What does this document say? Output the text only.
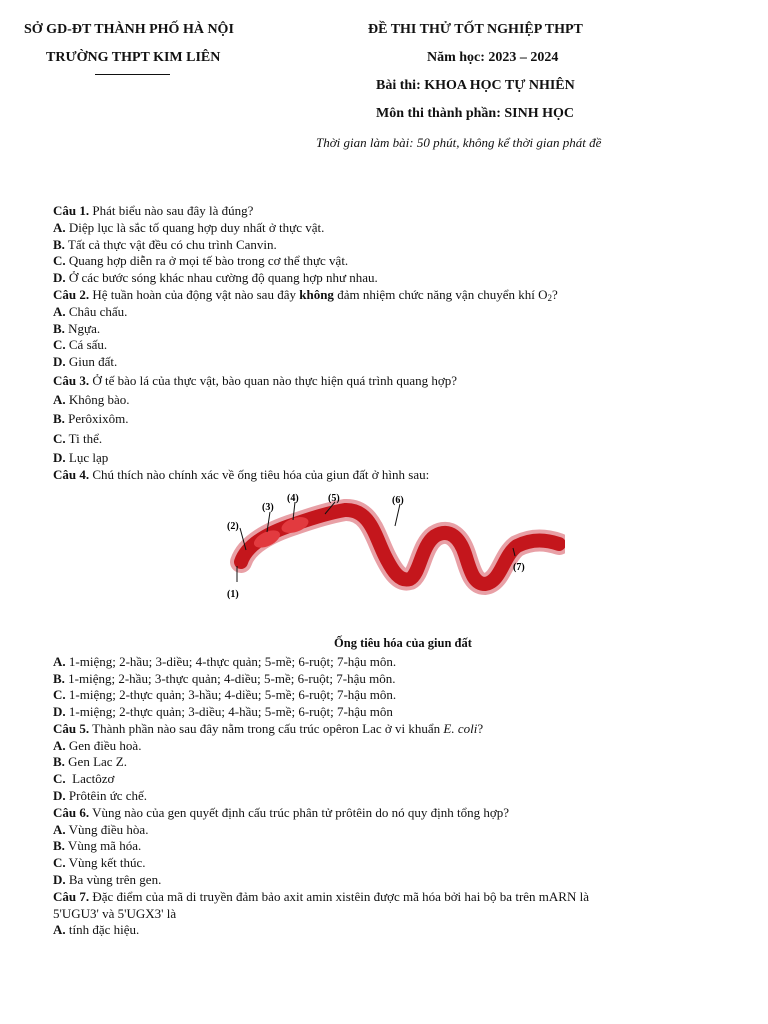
SỞ GD-ĐT THÀNH PHỐ HÀ NỘI
TRƯỜNG THPT KIM LIÊN
ĐỀ THI THỬ TỐT NGHIỆP THPT
Năm học: 2023 – 2024
Bài thi: KHOA HỌC TỰ NHIÊN
Môn thi thành phần: SINH HỌC
Thời gian làm bài: 50 phút, không kể thời gian phát đề
Câu 1. Phát biểu nào sau đây là đúng?
A. Diệp lục là sắc tố quang hợp duy nhất ở thực vật.
B. Tất cả thực vật đều có chu trình Canvin.
C. Quang hợp diễn ra ở mọi tế bào trong cơ thể thực vật.
D. Ở các bước sóng khác nhau cường độ quang hợp như nhau.
Câu 2. Hệ tuần hoàn của động vật nào sau đây không đảm nhiệm chức năng vận chuyển khí $O_2$?
A. Châu chấu.
B. Ngựa.
C. Cá sấu.
D. Giun đất.
Câu 3. Ở tế bào lá của thực vật, bào quan nào thực hiện quá trình quang hợp?
A. Không bào.
B. Perôxixôm.
C. Ti thể.
D. Lục lạp
Câu 4. Chú thích nào chính xác về ống tiêu hóa của giun đất ở hình sau:
(1)
(2)
(3)
(4)	(5)	(6)
(7)
Ống tiêu hóa của giun đất
A. 1-miệng; 2-hầu; 3-diều; 4-thực quản; 5-mề; 6-ruột; 7-hậu môn.
B. 1-miệng; 2-hầu; 3-thực quản; 4-diều; 5-mề; 6-ruột; 7-hậu môn.
C. 1-miệng; 2-thực quản; 3-hầu; 4-diều; 5-mề; 6-ruột; 7-hậu môn.
D. 1-miệng; 2-thực quản; 3-diều; 4-hầu; 5-mề; 6-ruột; 7-hậu môn
Câu 5. Thành phần nào sau đây nằm trong cấu trúc opêron Lac ở vi khuẩn E. coli?
A. Gen điều hoà.
B. Gen Lac Z.
C.  Lactôzơ
D. Prôtêin ức chế.
Câu 6. Vùng nào của gen quyết định cấu trúc phân tử prôtêin do nó quy định tổng hợp?
A. Vùng điều hòa.
B. Vùng mã hóa.
C. Vùng kết thúc.
D. Ba vùng trên gen.
Câu 7. Đặc điểm của mã di truyền đảm bảo axit amin xistêin được mã hóa bởi hai bộ ba trên mARN là
5'UGU3' và 5'UGX3' là
A. tính đặc hiệu.
